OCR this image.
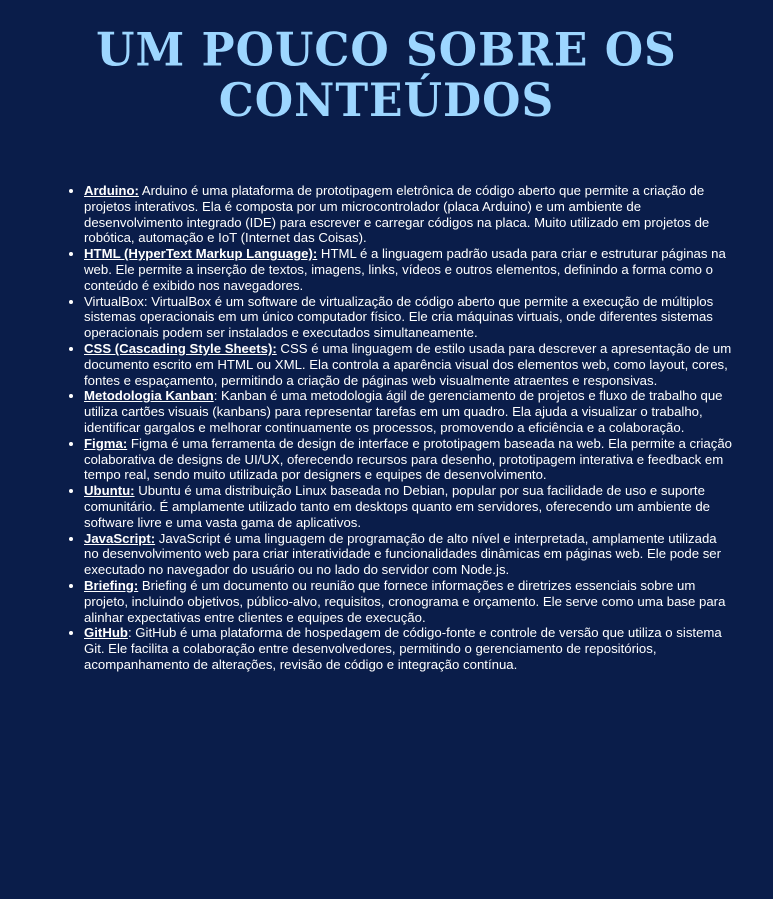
UM POUCO SOBRE OS CONTEÚDOS
• Arduino: Arduino é uma plataforma de prototipagem eletrônica de código aberto que permite a criação de projetos interativos. Ela é composta por um microcontrolador (placa Arduino) e um ambiente de desenvolvimento integrado (IDE) para escrever e carregar códigos na placa. Muito utilizado em projetos de robótica, automação e IoT (Internet das Coisas).
• HTML (HyperText Markup Language): HTML é a linguagem padrão usada para criar e estruturar páginas na web. Ele permite a inserção de textos, imagens, links, vídeos e outros elementos, definindo a forma como o conteúdo é exibido nos navegadores.
• VirtualBox: VirtualBox é um software de virtualização de código aberto que permite a execução de múltiplos sistemas operacionais em um único computador físico. Ele cria máquinas virtuais, onde diferentes sistemas operacionais podem ser instalados e executados simultaneamente.
• CSS (Cascading Style Sheets): CSS é uma linguagem de estilo usada para descrever a apresentação de um documento escrito em HTML ou XML. Ela controla a aparência visual dos elementos web, como layout, cores, fontes e espaçamento, permitindo a criação de páginas web visualmente atraentes e responsivas.
• Metodologia Kanban: Kanban é uma metodologia ágil de gerenciamento de projetos e fluxo de trabalho que utiliza cartões visuais (kanbans) para representar tarefas em um quadro. Ela ajuda a visualizar o trabalho, identificar gargalos e melhorar continuamente os processos, promovendo a eficiência e a colaboração.
• Figma: Figma é uma ferramenta de design de interface e prototipagem baseada na web. Ela permite a criação colaborativa de designs de UI/UX, oferecendo recursos para desenho, prototipagem interativa e feedback em tempo real, sendo muito utilizada por designers e equipes de desenvolvimento.
• Ubuntu: Ubuntu é uma distribuição Linux baseada no Debian, popular por sua facilidade de uso e suporte comunitário. É amplamente utilizado tanto em desktops quanto em servidores, oferecendo um ambiente de software livre e uma vasta gama de aplicativos.
• JavaScript: JavaScript é uma linguagem de programação de alto nível e interpretada, amplamente utilizada no desenvolvimento web para criar interatividade e funcionalidades dinâmicas em páginas web. Ele pode ser executado no navegador do usuário ou no lado do servidor com Node.js.
• Briefing: Briefing é um documento ou reunião que fornece informações e diretrizes essenciais sobre um projeto, incluindo objetivos, público-alvo, requisitos, cronograma e orçamento. Ele serve como uma base para alinhar expectativas entre clientes e equipes de execução.
• GitHub: GitHub é uma plataforma de hospedagem de código-fonte e controle de versão que utiliza o sistema Git. Ele facilita a colaboração entre desenvolvedores, permitindo o gerenciamento de repositórios, acompanhamento de alterações, revisão de código e integração contínua.
